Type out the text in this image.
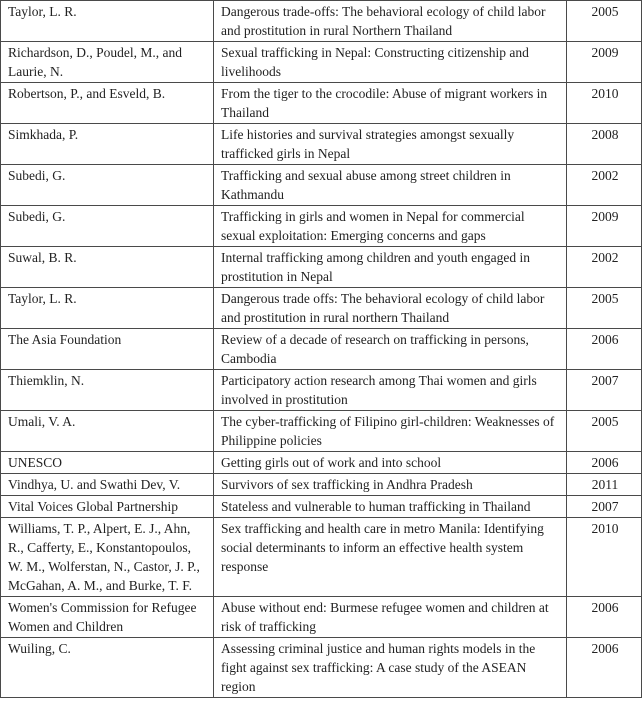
Taylor, L. R.	Dangerous trade-offs: The behavioral ecology of child labor and prostitution in rural Northern Thailand	2005
Richardson, D., Poudel, M., and Laurie, N.	Sexual trafficking in Nepal: Constructing citizenship and livelihoods	2009
Robertson, P., and Esveld, B.	From the tiger to the crocodile: Abuse of migrant workers in Thailand	2010
Simkhada, P.	Life histories and survival strategies amongst sexually trafficked girls in Nepal	2008
Subedi, G.	Trafficking and sexual abuse among street children in Kathmandu	2002
Subedi, G.	Trafficking in girls and women in Nepal for commercial sexual exploitation: Emerging concerns and gaps	2009
Suwal, B. R.	Internal trafficking among children and youth engaged in prostitution in Nepal	2002
Taylor, L. R.	Dangerous trade offs: The behavioral ecology of child labor and prostitution in rural northern Thailand	2005
The Asia Foundation	Review of a decade of research on trafficking in persons, Cambodia	2006
Thiemklin, N.	Participatory action research among Thai women and girls involved in prostitution	2007
Umali, V. A.	The cyber-trafficking of Filipino girl-children: Weaknesses of Philippine policies	2005
UNESCO	Getting girls out of work and into school	2006
Vindhya, U. and Swathi Dev, V.	Survivors of sex trafficking in Andhra Pradesh	2011
Vital Voices Global Partnership	Stateless and vulnerable to human trafficking in Thailand	2007
Williams, T. P., Alpert, E. J., Ahn, R., Cafferty, E., Konstantopoulos, W. M., Wolferstan, N., Castor, J. P., McGahan, A. M., and Burke, T. F.	Sex trafficking and health care in metro Manila: Identifying social determinants to inform an effective health system response	2010
Women's Commission for Refugee Women and Children	Abuse without end: Burmese refugee women and children at risk of trafficking	2006
Wuiling, C.	Assessing criminal justice and human rights models in the fight against sex trafficking: A case study of the ASEAN region	2006
